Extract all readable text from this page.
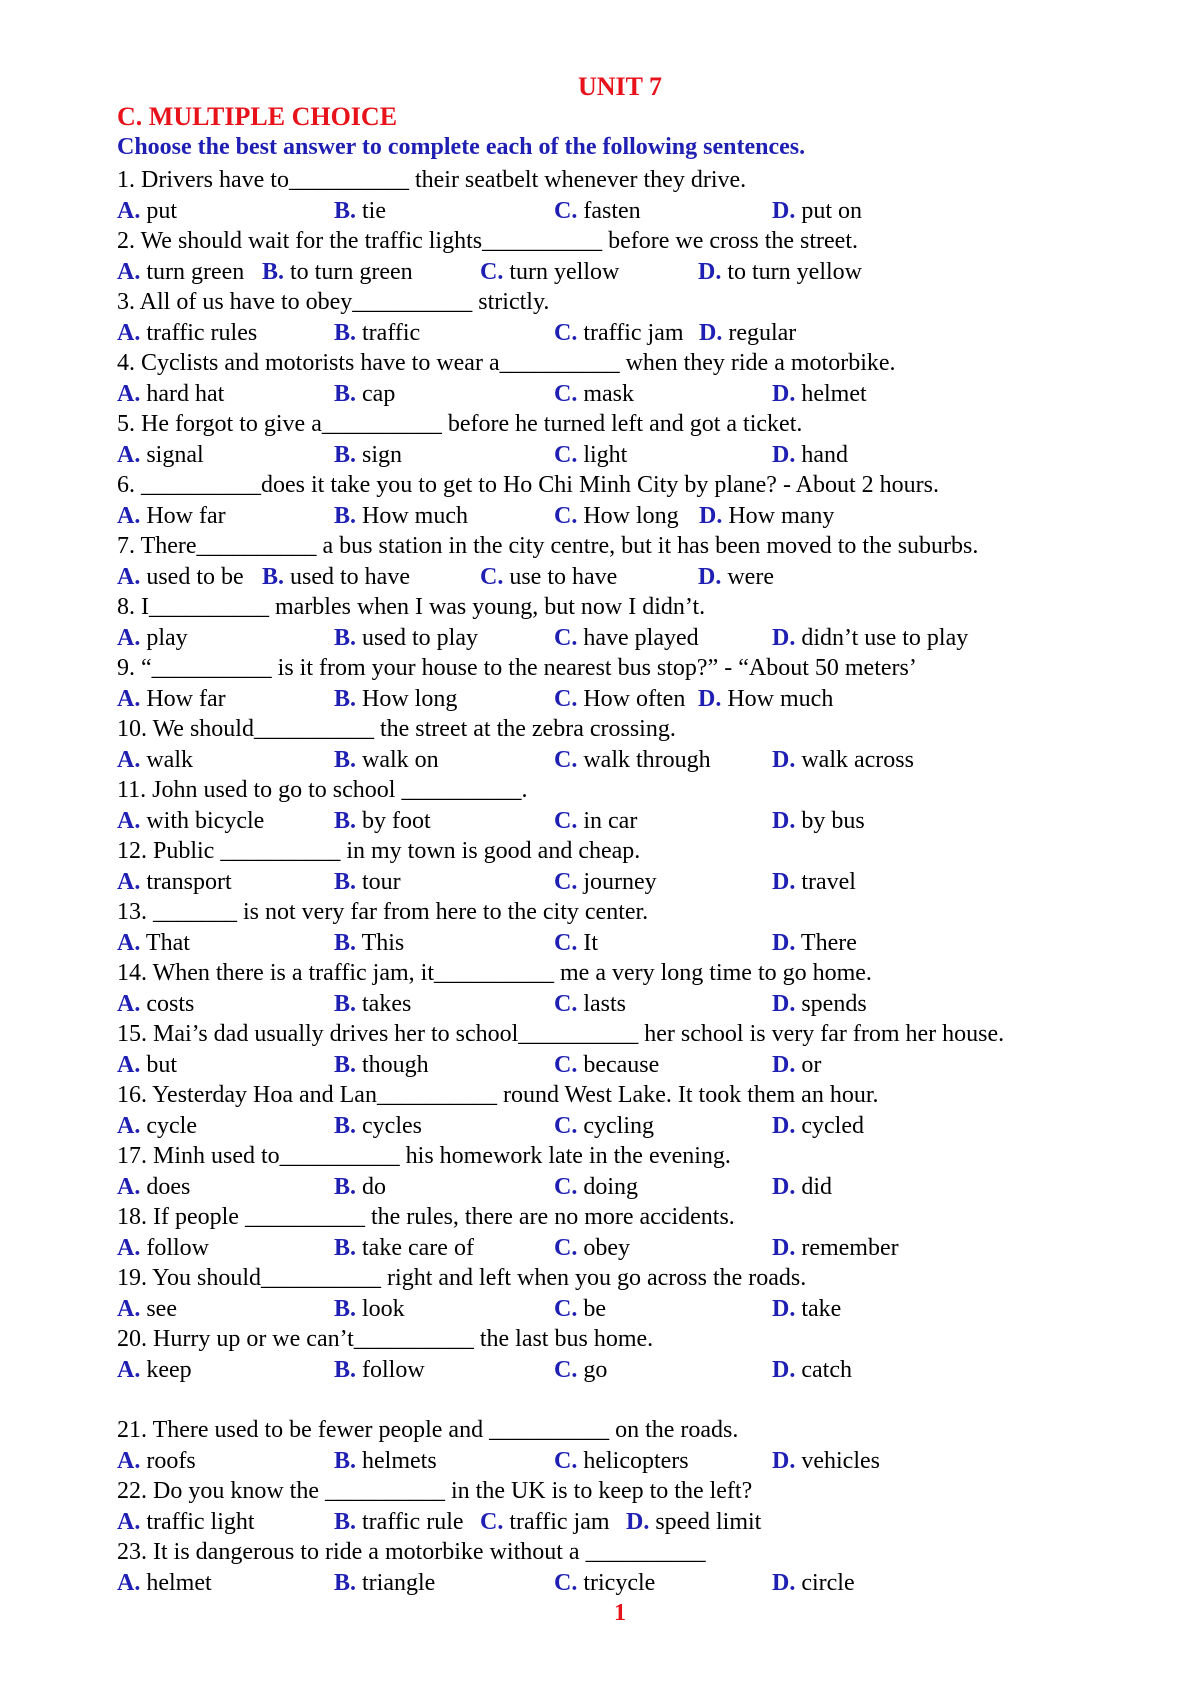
UNIT 7
C. MULTIPLE CHOICE
Choose the best answer to complete each of the following sentences.
1. Drivers have to__________ their seatbelt whenever they drive.
A. put	B. tie	C. fasten	D. put on
2. We should wait for the traffic lights__________ before we cross the street.
A. turn green B. to turn green	C. turn yellow	D. to turn yellow
3. All of us have to obey__________ strictly.
A. traffic rules	B. traffic	C. traffic jam D. regular
4. Cyclists and motorists have to wear a__________ when they ride a motorbike.
A. hard hat	B. cap	C. mask	D. helmet
5. He forgot to give a__________ before he turned left and got a ticket.
A. signal	B. sign	C. light	D. hand
6. __________does it take you to get to Ho Chi Minh City by plane? - About 2 hours.
A. How far	B. How much	C. How long D. How many
7. There__________ a bus station in the city centre, but it has been moved to the suburbs.
A. used to be B. used to have	C. use to have	D. were
8. I__________ marbles when I was young, but now I didn’t.
A. play	B. used to play	C. have played	D. didn’t use to play
9. “__________ is it from your house to the nearest bus stop?” - “About 50 meters’
A. How far	B. How long	C. How often D. How much
10. We should__________ the street at the zebra crossing.
A. walk	B. walk on	C. walk through	D. walk across
11. John used to go to school __________.
A. with bicycle	B. by foot	C. in car	D. by bus
12. Public __________ in my town is good and cheap.
A. transport	B. tour	C. journey	D. travel
13. _______ is not very far from here to the city center.
A. That	B. This	C. It	D. There
14. When there is a traffic jam, it__________ me a very long time to go home.
A. costs	B. takes	C. lasts	D. spends
15. Mai’s dad usually drives her to school__________ her school is very far from her house.
A. but	B. though	C. because	D. or
16. Yesterday Hoa and Lan__________ round West Lake. It took them an hour.
A. cycle	B. cycles	C. cycling	D. cycled
17. Minh used to__________ his homework late in the evening.
A. does	B. do	C. doing	D. did
18. If people __________ the rules, there are no more accidents.
A. follow	B. take care of	C. obey	D. remember
19. You should__________ right and left when you go across the roads.
A. see	B. look	C. be	D. take
20. Hurry up or we can’t__________ the last bus home.
A. keep	B. follow	C. go	D. catch
21. There used to be fewer people and __________ on the roads.
A. roofs	B. helmets	C. helicopters	D. vehicles
22. Do you know the __________ in the UK is to keep to the left?
A. traffic light	B. traffic rule C. traffic jam D. speed limit
23. It is dangerous to ride a motorbike without a __________
A. helmet	B. triangle	C. tricycle	D. circle
1
